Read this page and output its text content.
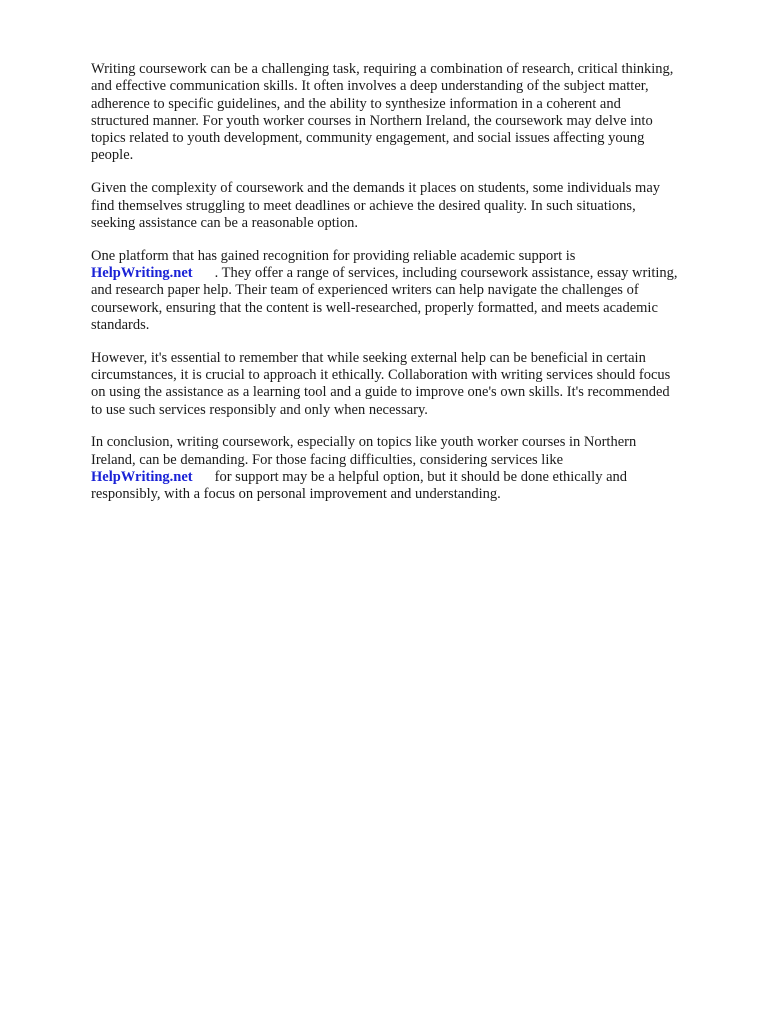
Writing coursework can be a challenging task, requiring a combination of research, critical thinking,
and effective communication skills. It often involves a deep understanding of the subject matter,
adherence to specific guidelines, and the ability to synthesize information in a coherent and
structured manner. For youth worker courses in Northern Ireland, the coursework may delve into
topics related to youth development, community engagement, and social issues affecting young
people.

Given the complexity of coursework and the demands it places on students, some individuals may
find themselves struggling to meet deadlines or achieve the desired quality. In such situations,
seeking assistance can be a reasonable option.

One platform that has gained recognition for providing reliable academic support is
HelpWriting.net . They offer a range of services, including coursework assistance, essay writing,
and research paper help. Their team of experienced writers can help navigate the challenges of
coursework, ensuring that the content is well-researched, properly formatted, and meets academic
standards.

However, it's essential to remember that while seeking external help can be beneficial in certain
circumstances, it is crucial to approach it ethically. Collaboration with writing services should focus
on using the assistance as a learning tool and a guide to improve one's own skills. It's recommended
to use such services responsibly and only when necessary.

In conclusion, writing coursework, especially on topics like youth worker courses in Northern
Ireland, can be demanding. For those facing difficulties, considering services like
HelpWriting.net for support may be a helpful option, but it should be done ethically and
responsibly, with a focus on personal improvement and understanding.
